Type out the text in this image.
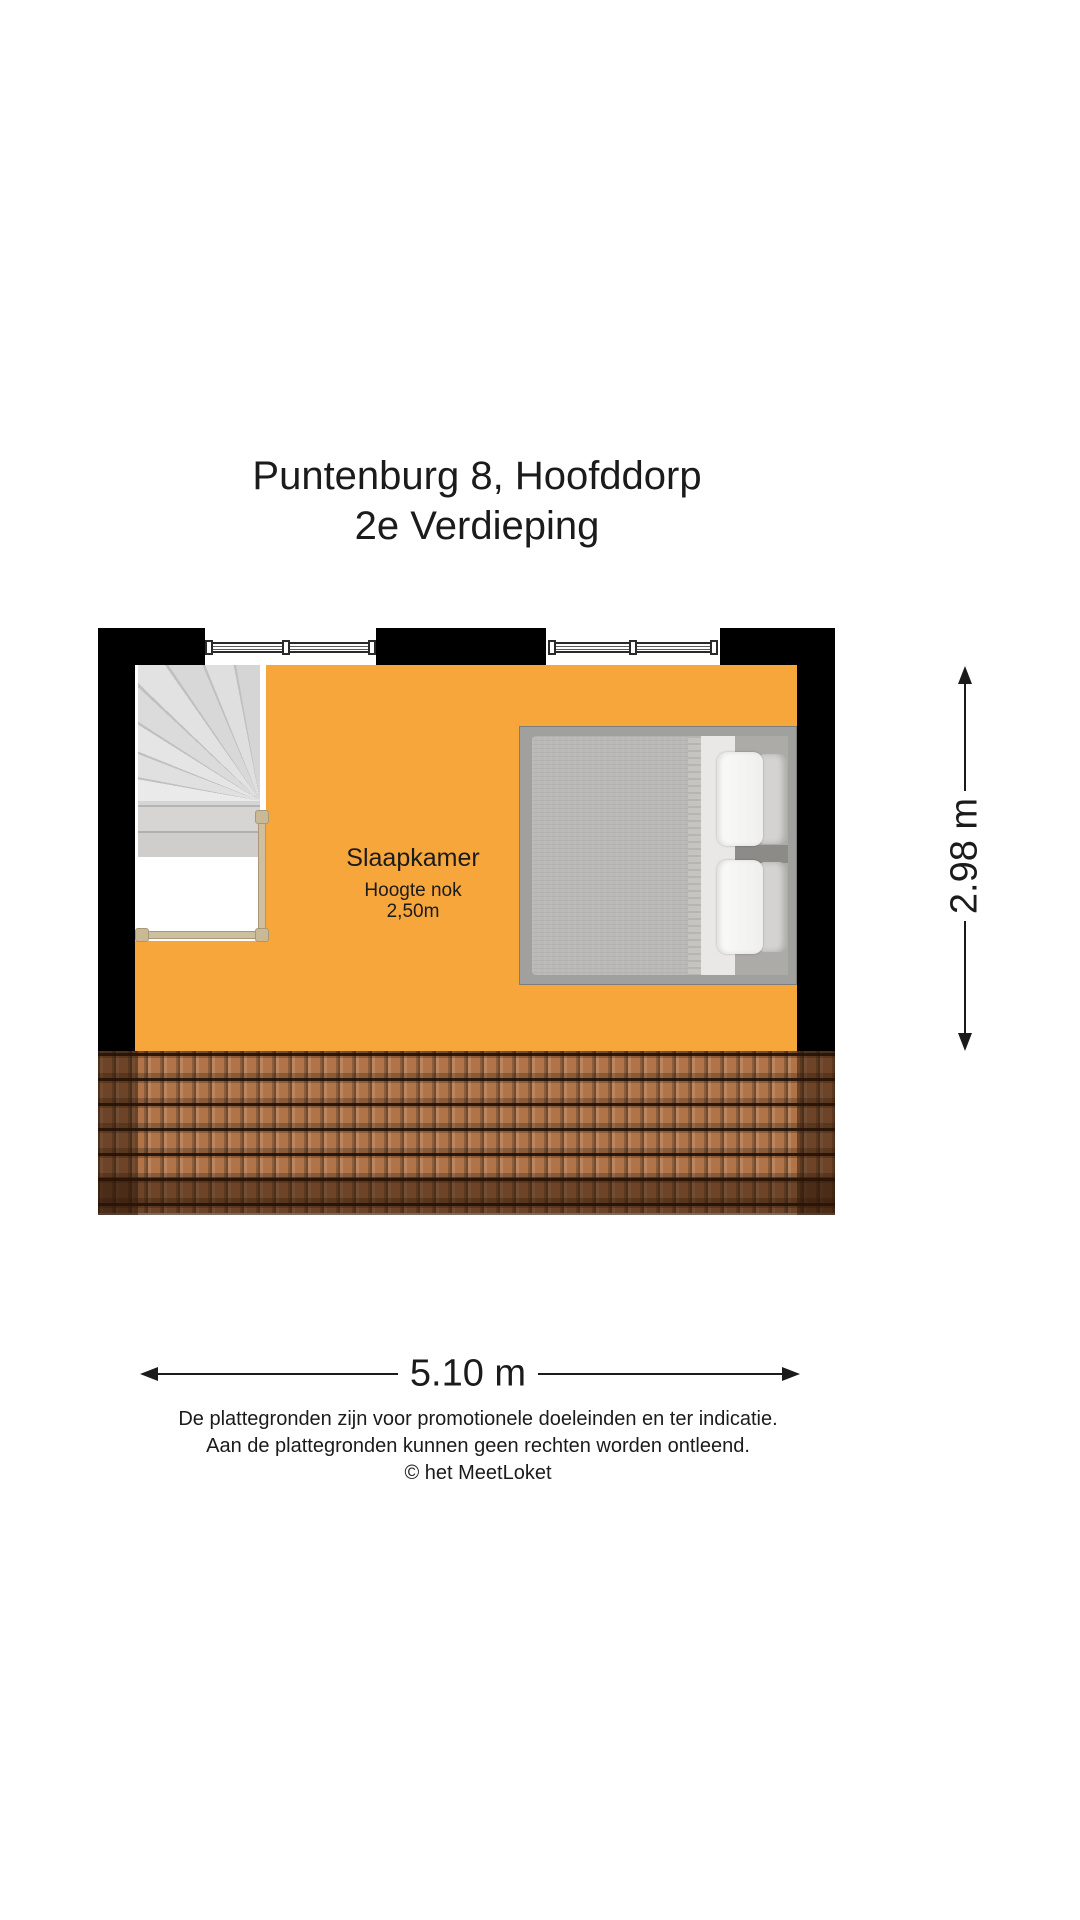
Puntenburg 8, Hoofddorp
2e Verdieping
Slaapkamer
Hoogte nok
2,50m	2.98 m
5.10 m
De plattegronden zijn voor promotionele doeleinden en ter indicatie.
Aan de plattegronden kunnen geen rechten worden ontleend.
© het MeetLoket
